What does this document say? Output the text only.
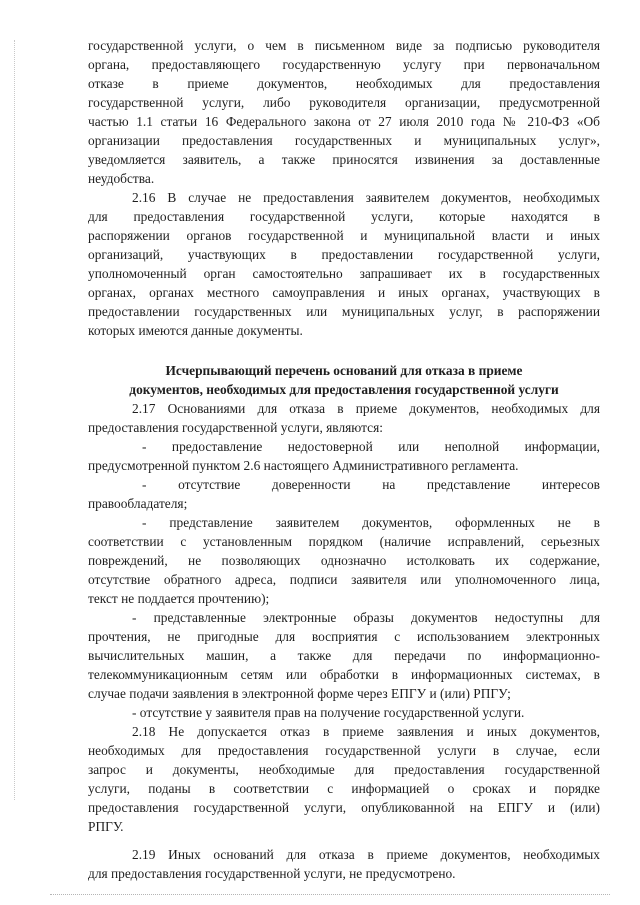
государственной услуги, о чем в письменном виде за подписью руководителя
органа, предоставляющего государственную услугу при первоначальном
отказе в приеме документов, необходимых для предоставления
государственной услуги, либо руководителя организации, предусмотренной
частью 1.1 статьи 16 Федерального закона от 27 июля 2010 года № 210-ФЗ «Об
организации предоставления государственных и муниципальных услуг»,
уведомляется заявитель, а также приносятся извинения за доставленные
неудобства.

2.16 В случае не предоставления заявителем документов, необходимых
для предоставления государственной услуги, которые находятся в
распоряжении органов государственной и муниципальной власти и иных
организаций, участвующих в предоставлении государственной услуги,
уполномоченный орган самостоятельно запрашивает их в государственных
органах, органах местного самоуправления и иных органах, участвующих в
предоставлении государственных или муниципальных услуг, в распоряжении
которых имеются данные документы.

Исчерпывающий перечень оснований для отказа в приеме
документов, необходимых для предоставления государственной услуги

2.17 Основаниями для отказа в приеме документов, необходимых для
предоставления государственной услуги, являются:

- предоставление недостоверной или неполной информации,
предусмотренной пунктом 2.6 настоящего Административного регламента.

- отсутствие доверенности на представление интересов
правообладателя;

- представление заявителем документов, оформленных не в
соответствии с установленным порядком (наличие исправлений, серьезных
повреждений, не позволяющих однозначно истолковать их содержание,
отсутствие обратного адреса, подписи заявителя или уполномоченного лица,
текст не поддается прочтению);

- представленные электронные образы документов недоступны для
прочтения, не пригодные для восприятия с использованием электронных
вычислительных машин, а также для передачи по информационно-
телекоммуникационным сетям или обработки в информационных системах, в
случае подачи заявления в электронной форме через ЕПГУ и (или) РПГУ;

- отсутствие у заявителя прав на получение государственной услуги.

2.18 Не допускается отказ в приеме заявления и иных документов,
необходимых для предоставления государственной услуги в случае, если
запрос и документы, необходимые для предоставления государственной
услуги, поданы в соответствии с информацией о сроках и порядке
предоставления государственной услуги, опубликованной на ЕПГУ и (или)
РПГУ.

2.19 Иных оснований для отказа в приеме документов, необходимых
для предоставления государственной услуги, не предусмотрено.
